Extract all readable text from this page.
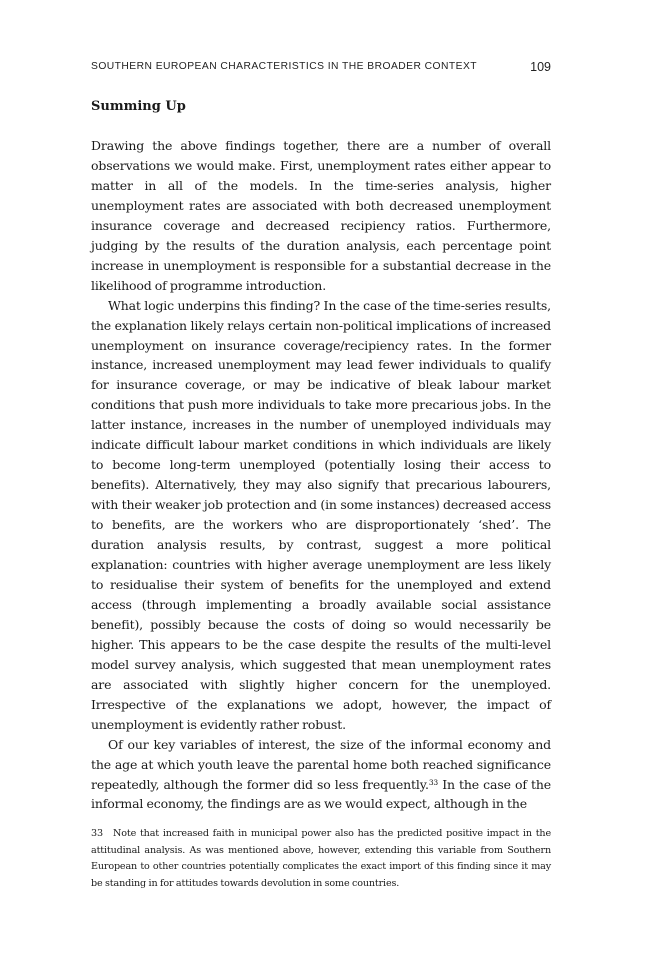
SOUTHERN EUROPEAN CHARACTERISTICS IN THE BROADER CONTEXT	109
Summing Up

Drawing the above findings together, there are a number of overall observations we would make. First, unemployment rates either appear to matter in all of the models. In the time-series analysis, higher unemployment rates are associated with both decreased unemployment insurance coverage and decreased recipiency ratios. Furthermore, judging by the results of the duration analysis, each percentage point increase in unemployment is responsible for a substantial decrease in the likelihood of programme introduction.

What logic underpins this finding? In the case of the time-series results, the explanation likely relays certain non-political implications of increased unemployment on insurance coverage/recipiency rates. In the former instance, increased unemployment may lead fewer individuals to qualify for insurance coverage, or may be indicative of bleak labour market conditions that push more individuals to take more precarious jobs. In the latter instance, increases in the number of unemployed individuals may indicate difficult labour market conditions in which individuals are likely to become long-term unemployed (potentially losing their access to benefits). Alternatively, they may also signify that precarious labourers, with their weaker job protection and (in some instances) decreased access to benefits, are the workers who are disproportionately ‘shed’. The duration analysis results, by contrast, suggest a more political explanation: countries with higher average unemployment are less likely to residualise their system of benefits for the unemployed and extend access (through implementing a broadly available social assistance benefit), possibly because the costs of doing so would necessarily be higher. This appears to be the case despite the results of the multi-level model survey analysis, which suggested that mean unemployment rates are associated with slightly higher concern for the unemployed. Irrespective of the explanations we adopt, however, the impact of unemployment is evidently rather robust.

Of our key variables of interest, the size of the informal economy and the age at which youth leave the parental home both reached significance repeatedly, although the former did so less frequently.$^{33}$ In the case of the informal economy, the findings are as we would expect, although in the

33 Note that increased faith in municipal power also has the predicted positive impact in the attitudinal analysis. As was mentioned above, however, extending this variable from Southern European to other countries potentially complicates the exact import of this finding since it may be standing in for attitudes towards devolution in some countries.
